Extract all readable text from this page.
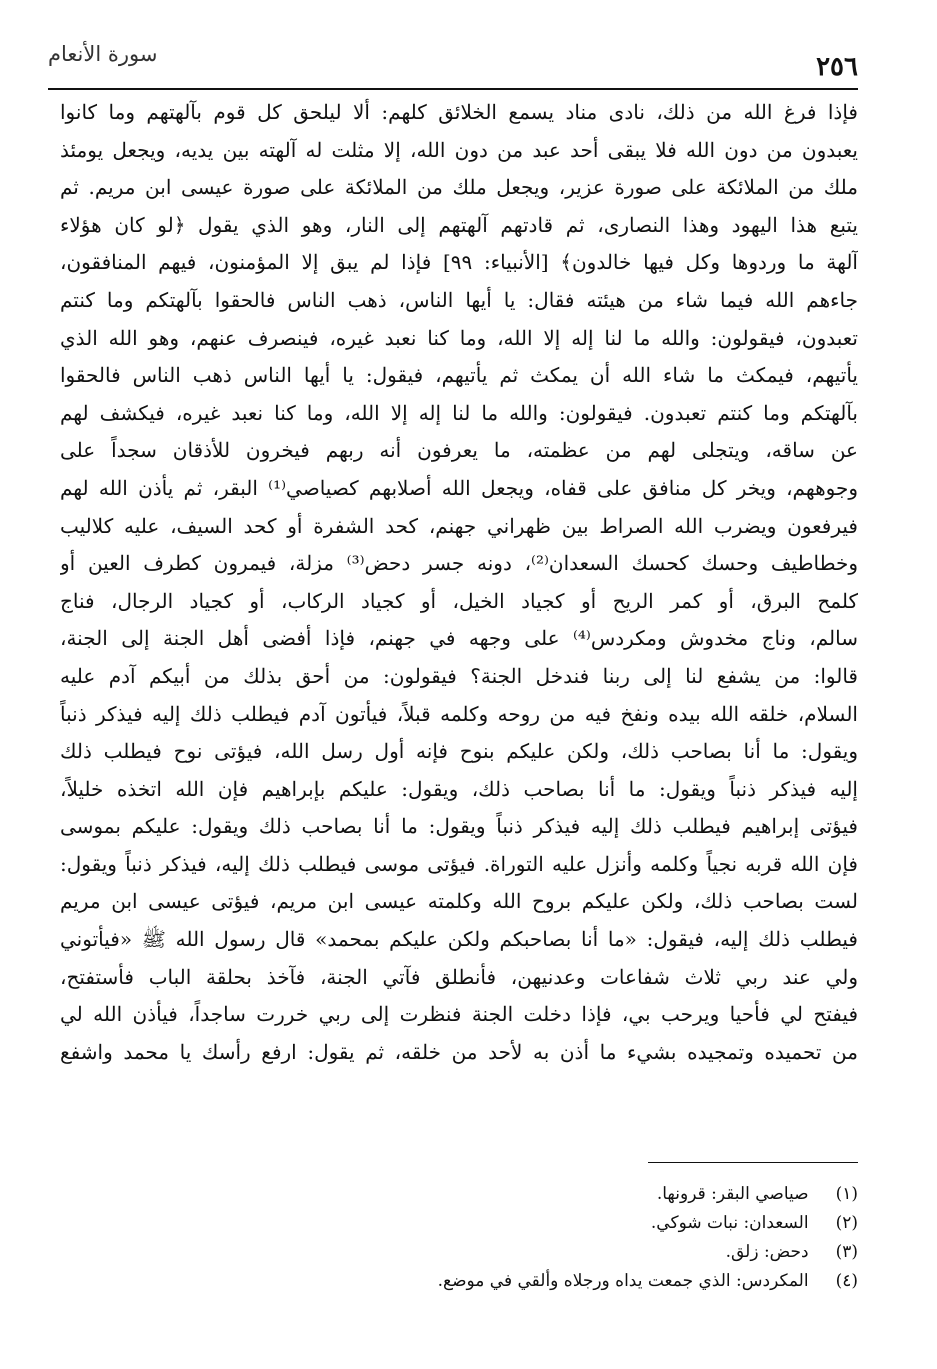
٢٥٦
سورة الأنعام
فإذا فرغ الله من ذلك، نادى مناد يسمع الخلائق كلهم: ألا ليلحق كل قوم بآلهتهم وما كانوا
يعبدون من دون الله فلا يبقى أحد عبد من دون الله، إلا مثلت له آلهته بين يديه، ويجعل يومئذ
ملك من الملائكة على صورة عزير، ويجعل ملك من الملائكة على صورة عيسى ابن مريم. ثم
يتبع هذا اليهود وهذا النصارى، ثم قادتهم آلهتهم إلى النار، وهو الذي يقول ﴿لو كان هؤلاء
آلهة ما وردوها وكل فيها خالدون﴾ [الأنبياء: ٩٩] فإذا لم يبق إلا المؤمنون، فيهم المنافقون،
جاءهم الله فيما شاء من هيئته فقال: يا أيها الناس، ذهب الناس فالحقوا بآلهتكم وما كنتم
تعبدون، فيقولون: والله ما لنا إله إلا الله، وما كنا نعبد غيره، فينصرف عنهم، وهو الله الذي
يأتيهم، فيمكث ما شاء الله أن يمكث ثم يأتيهم، فيقول: يا أيها الناس ذهب الناس فالحقوا
بآلهتكم وما كنتم تعبدون. فيقولون: والله ما لنا إله إلا الله، وما كنا نعبد غيره، فيكشف لهم
عن ساقه، ويتجلى لهم من عظمته، ما يعرفون أنه ربهم فيخرون للأذقان سجداً على
وجوههم، ويخر كل منافق على قفاه، ويجعل الله أصلابهم كصياصي⁽¹⁾ البقر، ثم يأذن الله لهم
فيرفعون ويضرب الله الصراط بين ظهراني جهنم، كحد الشفرة أو كحد السيف، عليه كلاليب
وخطاطيف وحسك كحسك السعدان⁽²⁾، دونه جسر دحض⁽³⁾ مزلة، فيمرون كطرف العين أو
كلمح البرق، أو كمر الريح أو كجياد الخيل، أو كجياد الركاب، أو كجياد الرجال، فناج
سالم، وناج مخدوش ومكردس⁽⁴⁾ على وجهه في جهنم، فإذا أفضى أهل الجنة إلى الجنة،
قالوا: من يشفع لنا إلى ربنا فندخل الجنة؟ فيقولون: من أحق بذلك من أبيكم آدم عليه
السلام، خلقه الله بيده ونفخ فيه من روحه وكلمه قبلاً، فيأتون آدم فيطلب ذلك إليه فيذكر ذنباً
ويقول: ما أنا بصاحب ذلك، ولكن عليكم بنوح فإنه أول رسل الله، فيؤتى نوح فيطلب ذلك
إليه فيذكر ذنباً ويقول: ما أنا بصاحب ذلك، ويقول: عليكم بإبراهيم فإن الله اتخذه خليلاً،
فيؤتى إبراهيم فيطلب ذلك إليه فيذكر ذنباً ويقول: ما أنا بصاحب ذلك ويقول: عليكم بموسى
فإن الله قربه نجياً وكلمه وأنزل عليه التوراة. فيؤتى موسى فيطلب ذلك إليه، فيذكر ذنباً ويقول:
لست بصاحب ذلك، ولكن عليكم بروح الله وكلمته عيسى ابن مريم، فيؤتى عيسى ابن مريم
فيطلب ذلك إليه، فيقول: «ما أنا بصاحبكم ولكن عليكم بمحمد» قال رسول الله ﷺ «فيأتوني
ولي عند ربي ثلاث شفاعات وعدنيهن، فأنطلق فآتي الجنة، فآخذ بحلقة الباب فأستفتح،
فيفتح لي فأحيا ويرحب بي، فإذا دخلت الجنة فنظرت إلى ربي خررت ساجداً، فيأذن الله لي
من تحميده وتمجيده بشيء ما أذن به لأحد من خلقه، ثم يقول: ارفع رأسك يا محمد واشفع
(١) صياصي البقر: قرونها.
(٢) السعدان: نبات شوكي.
(٣) دحض: زلق.
(٤) المكردس: الذي جمعت يداه ورجلاه وألقي في موضع.
